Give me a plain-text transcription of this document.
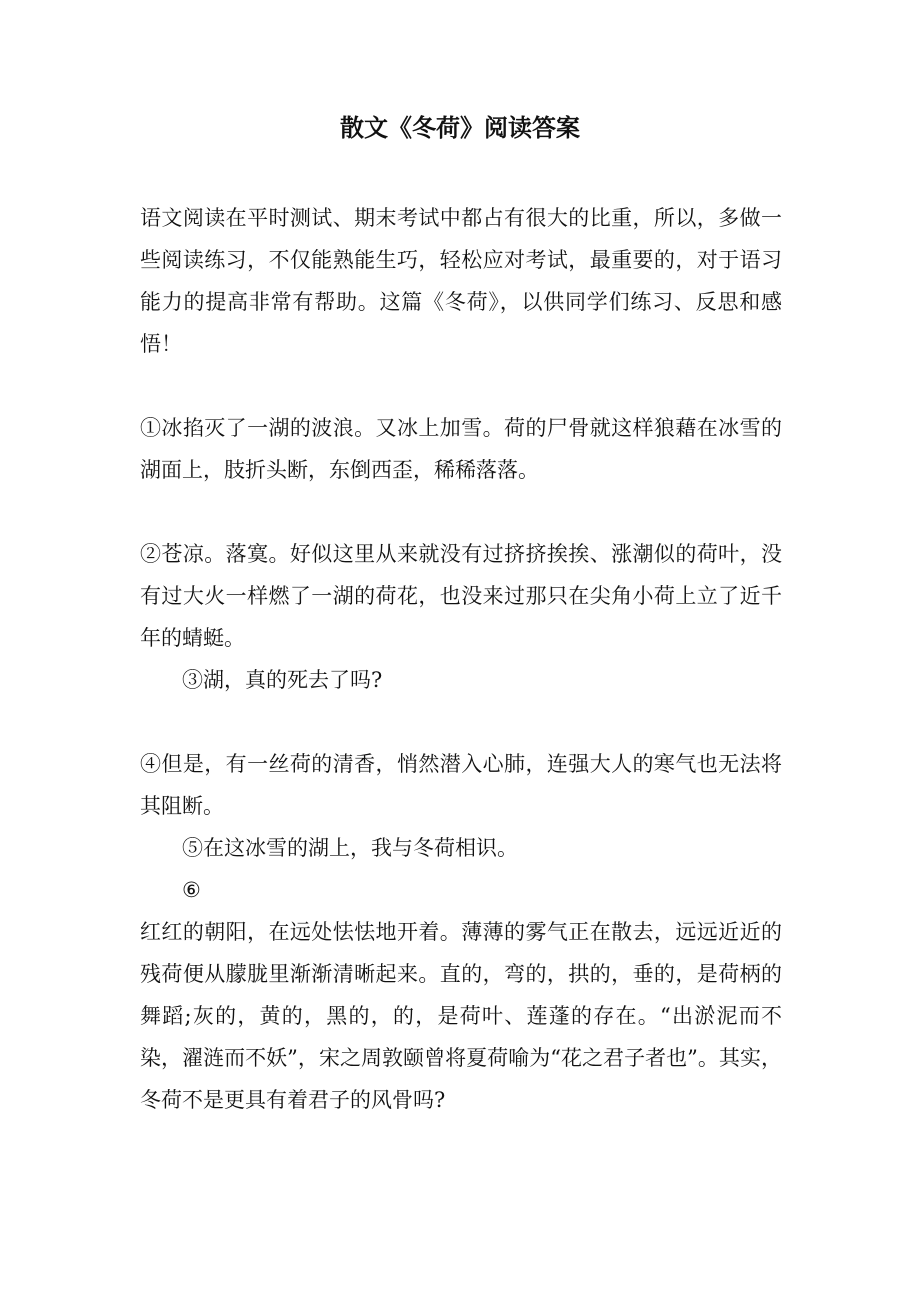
散文《冬荷》阅读答案

语文阅读在平时测试、期末考试中都占有很大的比重，所以，多做一些阅读练习，不仅能熟能生巧，轻松应对考试，最重要的，对于语习能力的提高非常有帮助。这篇《冬荷》，以供同学们练习、反思和感悟！

①冰掐灭了一湖的波浪。又冰上加雪。荷的尸骨就这样狼藉在冰雪的湖面上，肢折头断，东倒西歪，稀稀落落。

②苍凉。落寞。好似这里从来就没有过挤挤挨挨、涨潮似的荷叶，没有过大火一样燃了一湖的荷花，也没来过那只在尖角小荷上立了近千年的蜻蜓。

③湖，真的死去了吗?

④但是，有一丝荷的清香，悄然潜入心肺，连强大人的寒气也无法将其阻断。

⑤在这冰雪的湖上，我与冬荷相识。

⑥

红红的朝阳，在远处怯怯地开着。薄薄的雾气正在散去，远远近近的残荷便从朦胧里渐渐清晰起来。直的，弯的，拱的，垂的，是荷柄的舞蹈;灰的，黄的，黑的，的，是荷叶、莲蓬的存在。“出淤泥而不染，濯涟而不妖”，宋之周敦颐曾将夏荷喻为“花之君子者也”。其实，冬荷不是更具有着君子的风骨吗?
